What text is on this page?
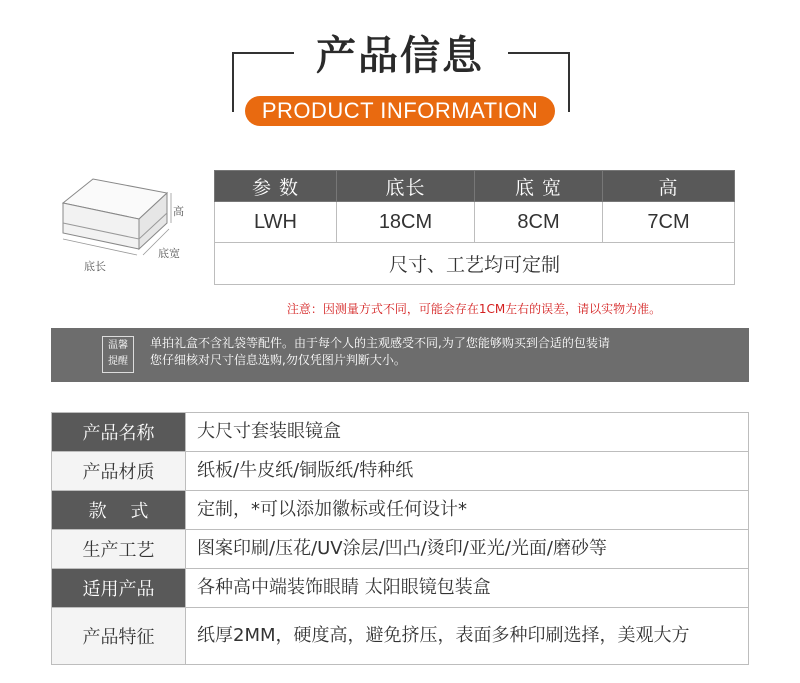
产品信息
PRODUCT INFORMATION
高
底宽
底长
参 数	底长	底 宽	高
LWH	18CM	8CM	7CM
尺寸、工艺均可定制			
注意：因测量方式不同，可能会存在1CM左右的误差，请以实物为准。
温馨
提醒
单拍礼盒不含礼袋等配件。由于每个人的主观感受不同,为了您能够购买到合适的包装请
您仔细核对尺寸信息选购,勿仅凭图片判断大小。
产品名称	大尺寸套装眼镜盒
产品材质	纸板/牛皮纸/铜版纸/特种纸
款　 式	定制，*可以添加徽标或任何设计*
生产工艺	图案印刷/压花/UV涂层/凹凸/烫印/亚光/光面/磨砂等
适用产品	各种高中端装饰眼睛 太阳眼镜包装盒
产品特征	纸厚2MM，硬度高，避免挤压，表面多种印刷选择，美观大方
